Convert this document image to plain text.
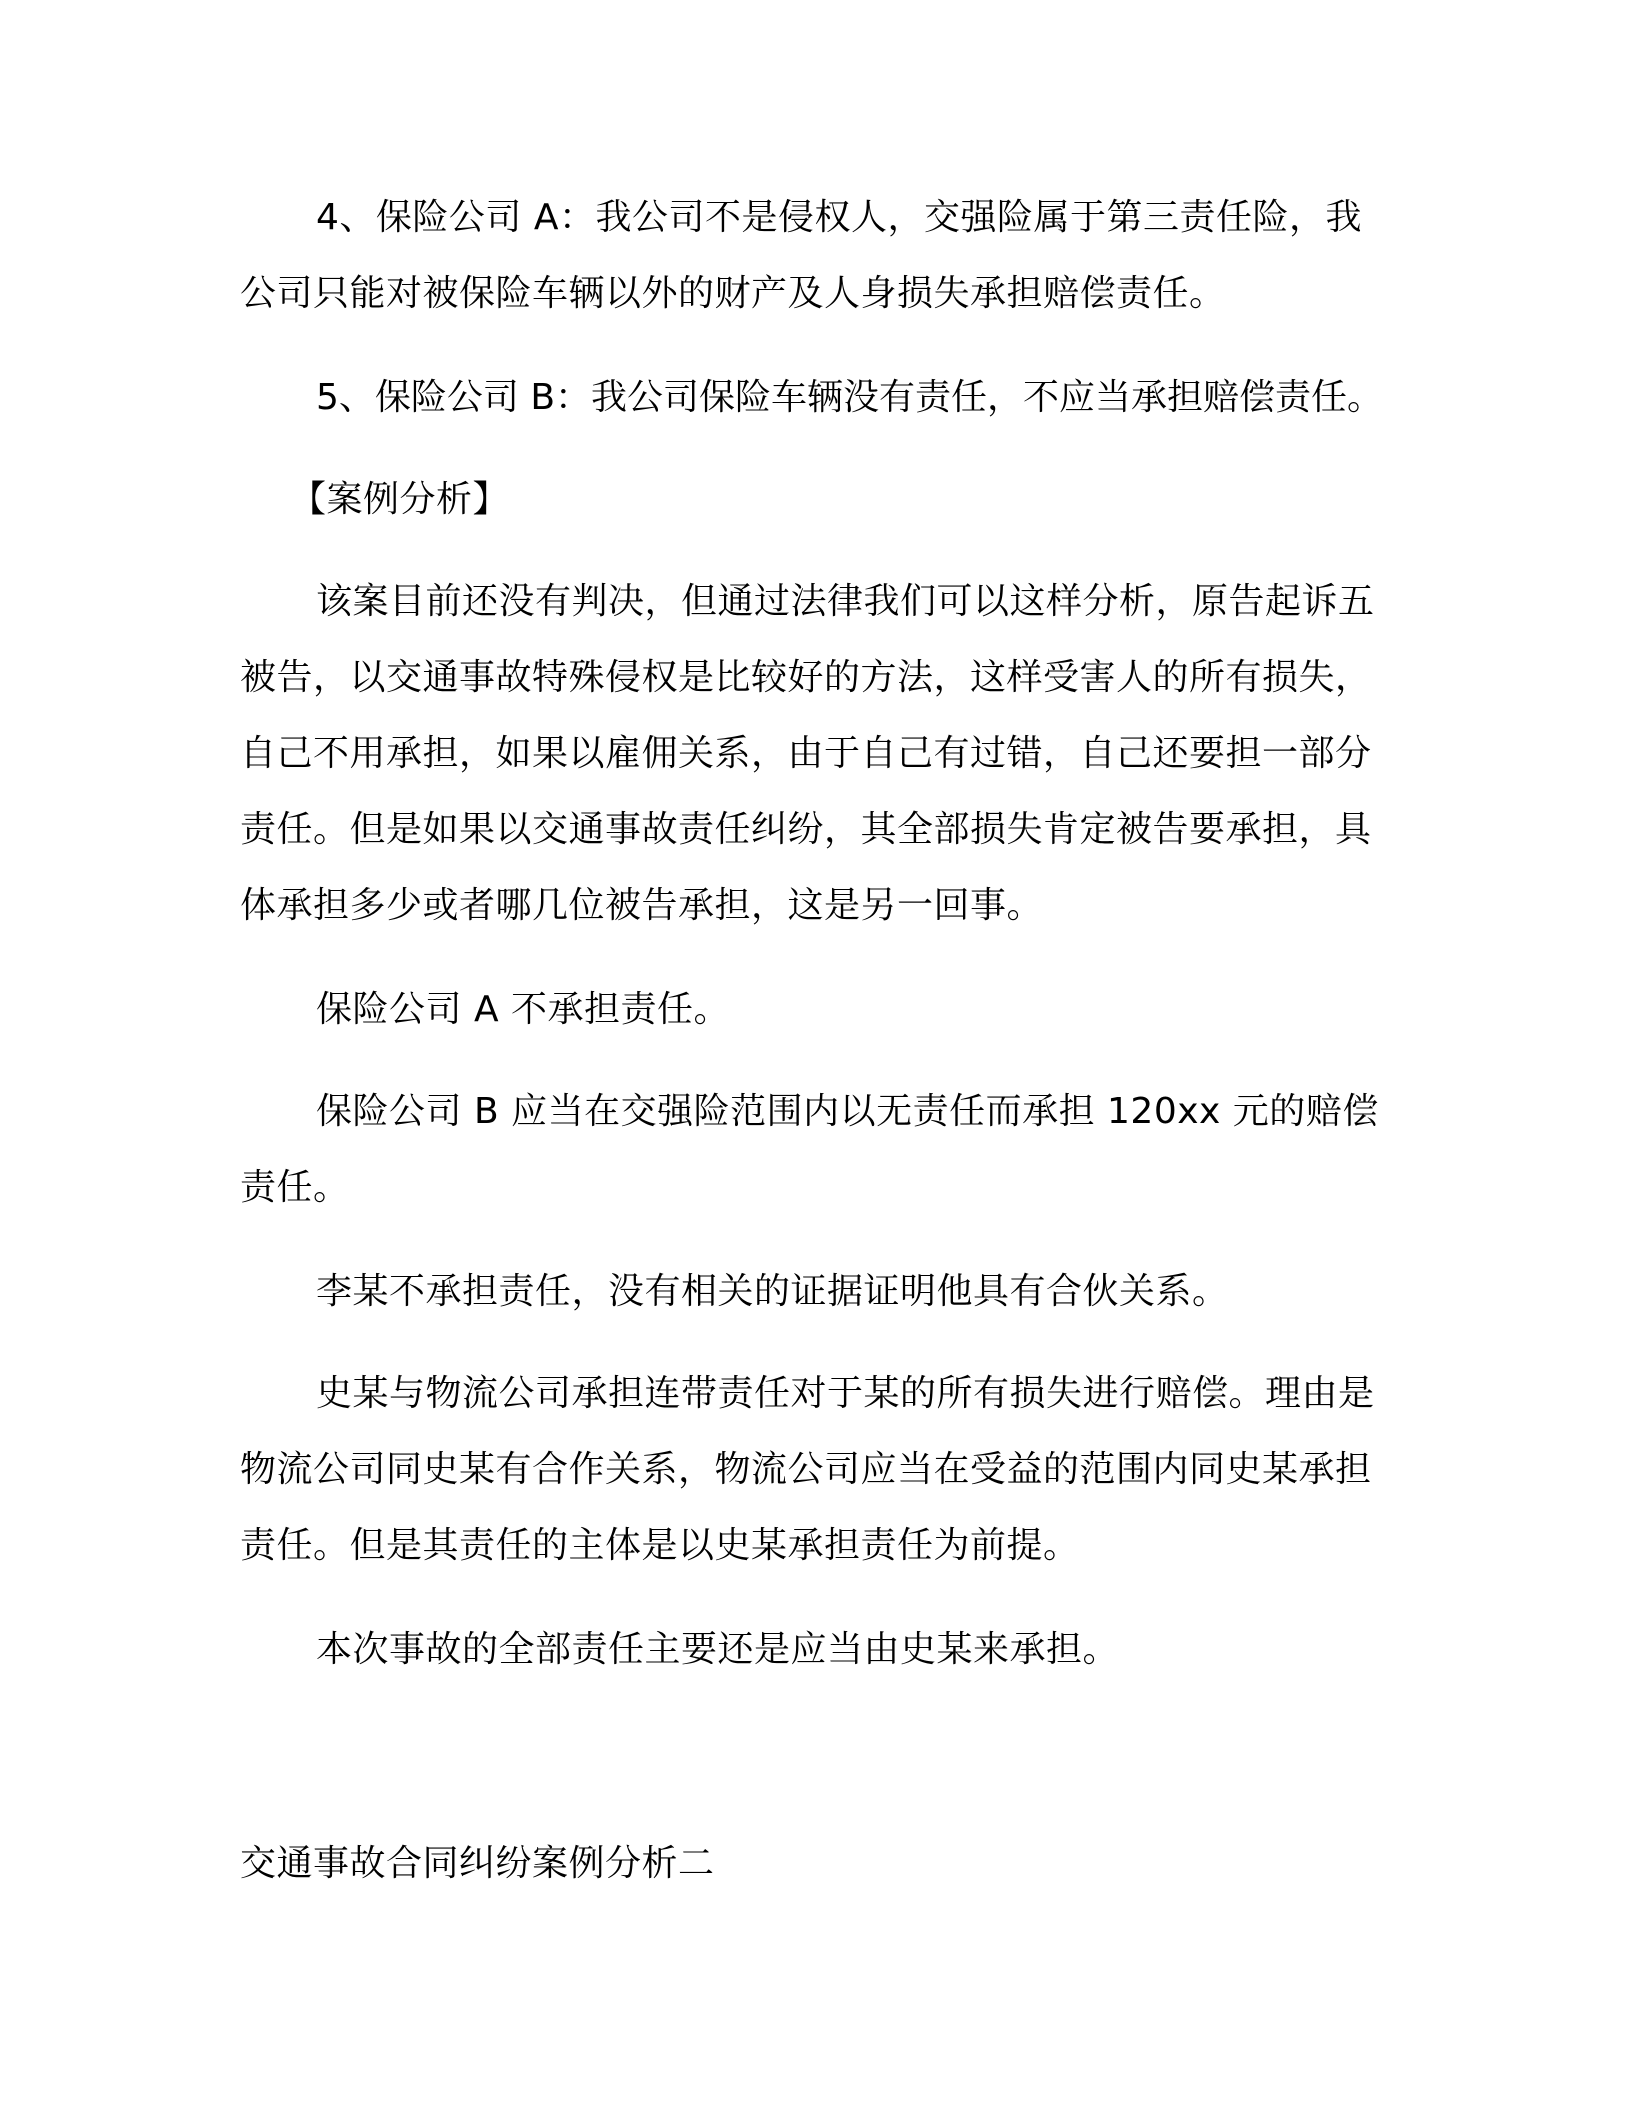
4、保险公司 A：我公司不是侵权人，交强险属于第三责任险，我公司只能对被保险车辆以外的财产及人身损失承担赔偿责任。

5、保险公司 B：我公司保险车辆没有责任，不应当承担赔偿责任。

【案例分析】

该案目前还没有判决，但通过法律我们可以这样分析，原告起诉五被告，以交通事故特殊侵权是比较好的方法，这样受害人的所有损失，自己不用承担，如果以雇佣关系，由于自己有过错，自己还要担一部分责任。但是如果以交通事故责任纠纷，其全部损失肯定被告要承担，具体承担多少或者哪几位被告承担，这是另一回事。

保险公司 A 不承担责任。

保险公司 B 应当在交强险范围内以无责任而承担 120xx 元的赔偿责任。

李某不承担责任，没有相关的证据证明他具有合伙关系。

史某与物流公司承担连带责任对于某的所有损失进行赔偿。理由是物流公司同史某有合作关系，物流公司应当在受益的范围内同史某承担责任。但是其责任的主体是以史某承担责任为前提。

本次事故的全部责任主要还是应当由史某来承担。

交通事故合同纠纷案例分析二
